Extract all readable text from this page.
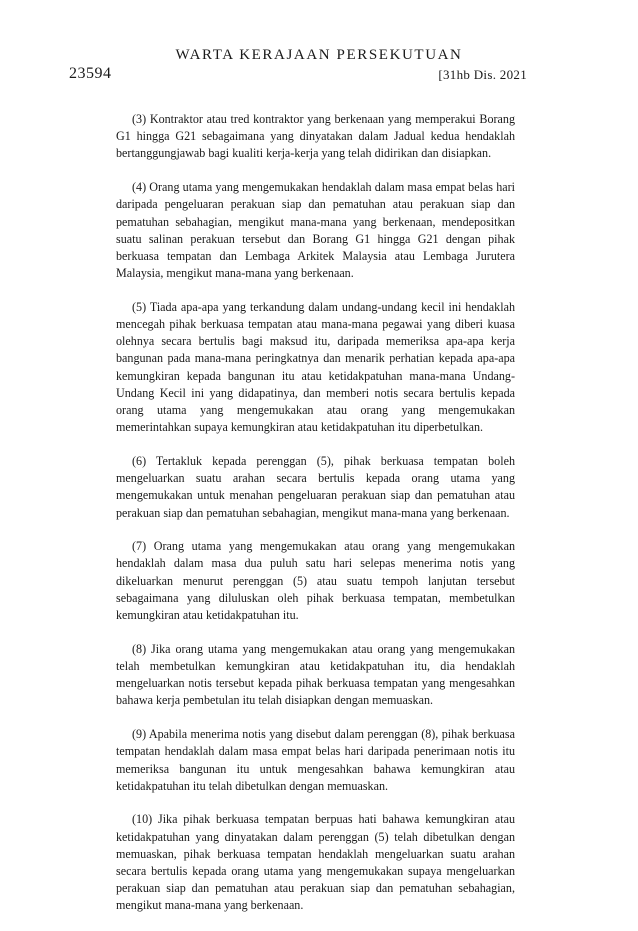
WARTA KERAJAAN PERSEKUTUAN
23594	[31hb Dis. 2021

(3) Kontraktor atau tred kontraktor yang berkenaan yang memperakui Borang G1 hingga G21 sebagaimana yang dinyatakan dalam Jadual kedua hendaklah bertanggungjawab bagi kualiti kerja-kerja yang telah didirikan dan disiapkan.

(4) Orang utama yang mengemukakan hendaklah dalam masa empat belas hari daripada pengeluaran perakuan siap dan pematuhan atau perakuan siap dan pematuhan sebahagian, mengikut mana-mana yang berkenaan, mendepositkan suatu salinan perakuan tersebut dan Borang G1 hingga G21 dengan pihak berkuasa tempatan dan Lembaga Arkitek Malaysia atau Lembaga Jurutera Malaysia, mengikut mana-mana yang berkenaan.

(5) Tiada apa-apa yang terkandung dalam undang-undang kecil ini hendaklah mencegah pihak berkuasa tempatan atau mana-mana pegawai yang diberi kuasa olehnya secara bertulis bagi maksud itu, daripada memeriksa apa-apa kerja bangunan pada mana-mana peringkatnya dan menarik perhatian kepada apa-apa kemungkiran kepada bangunan itu atau ketidakpatuhan mana-mana Undang-Undang Kecil ini yang didapatinya, dan memberi notis secara bertulis kepada orang utama yang mengemukakan atau orang yang mengemukakan memerintahkan supaya kemungkiran atau ketidakpatuhan itu diperbetulkan.

(6) Tertakluk kepada perenggan (5), pihak berkuasa tempatan boleh mengeluarkan suatu arahan secara bertulis kepada orang utama yang mengemukakan untuk menahan pengeluaran perakuan siap dan pematuhan atau perakuan siap dan pematuhan sebahagian, mengikut mana-mana yang berkenaan.

(7) Orang utama yang mengemukakan atau orang yang mengemukakan hendaklah dalam masa dua puluh satu hari selepas menerima notis yang dikeluarkan menurut perenggan (5) atau suatu tempoh lanjutan tersebut sebagaimana yang diluluskan oleh pihak berkuasa tempatan, membetulkan kemungkiran atau ketidakpatuhan itu.

(8) Jika orang utama yang mengemukakan atau orang yang mengemukakan telah membetulkan kemungkiran atau ketidakpatuhan itu, dia hendaklah mengeluarkan notis tersebut kepada pihak berkuasa tempatan yang mengesahkan bahawa kerja pembetulan itu telah disiapkan dengan memuaskan.

(9) Apabila menerima notis yang disebut dalam perenggan (8), pihak berkuasa tempatan hendaklah dalam masa empat belas hari daripada penerimaan notis itu memeriksa bangunan itu untuk mengesahkan bahawa kemungkiran atau ketidakpatuhan itu telah dibetulkan dengan memuaskan.

(10) Jika pihak berkuasa tempatan berpuas hati bahawa kemungkiran atau ketidakpatuhan yang dinyatakan dalam perenggan (5) telah dibetulkan dengan memuaskan, pihak berkuasa tempatan hendaklah mengeluarkan suatu arahan secara bertulis kepada orang utama yang mengemukakan supaya mengeluarkan perakuan siap dan pematuhan atau perakuan siap dan pematuhan sebahagian, mengikut mana-mana yang berkenaan.
